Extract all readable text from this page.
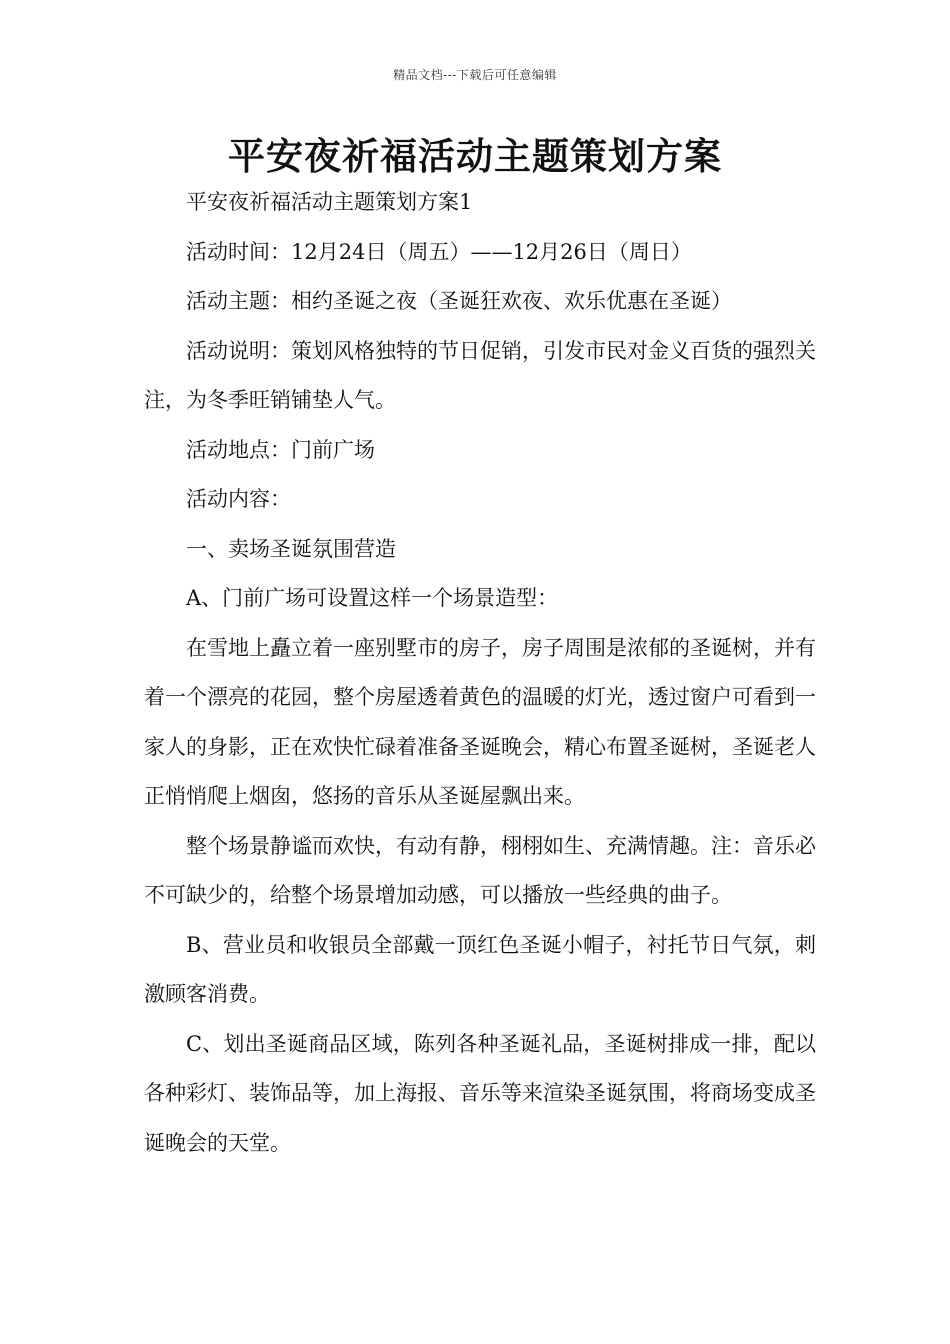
精品文档---下载后可任意编辑
平安夜祈福活动主题策划方案

平安夜祈福活动主题策划方案1

活动时间：12月24日（周五）——12月26日（周日）

活动主题：相约圣诞之夜（圣诞狂欢夜、欢乐优惠在圣诞）

活动说明：策划风格独特的节日促销，引发市民对金义百货的强烈关注，为冬季旺销铺垫人气。

活动地点：门前广场

活动内容：

一、卖场圣诞氛围营造

A、门前广场可设置这样一个场景造型：

在雪地上矗立着一座别墅市的房子，房子周围是浓郁的圣诞树，并有着一个漂亮的花园，整个房屋透着黄色的温暖的灯光，透过窗户可看到一家人的身影，正在欢快忙碌着准备圣诞晚会，精心布置圣诞树，圣诞老人正悄悄爬上烟囱，悠扬的音乐从圣诞屋飘出来。

整个场景静谧而欢快，有动有静，栩栩如生、充满情趣。注：音乐必不可缺少的，给整个场景增加动感，可以播放一些经典的曲子。

B、营业员和收银员全部戴一顶红色圣诞小帽子，衬托节日气氛，刺激顾客消费。

C、划出圣诞商品区域，陈列各种圣诞礼品，圣诞树排成一排，配以各种彩灯、装饰品等，加上海报、音乐等来渲染圣诞氛围，将商场变成圣诞晚会的天堂。
